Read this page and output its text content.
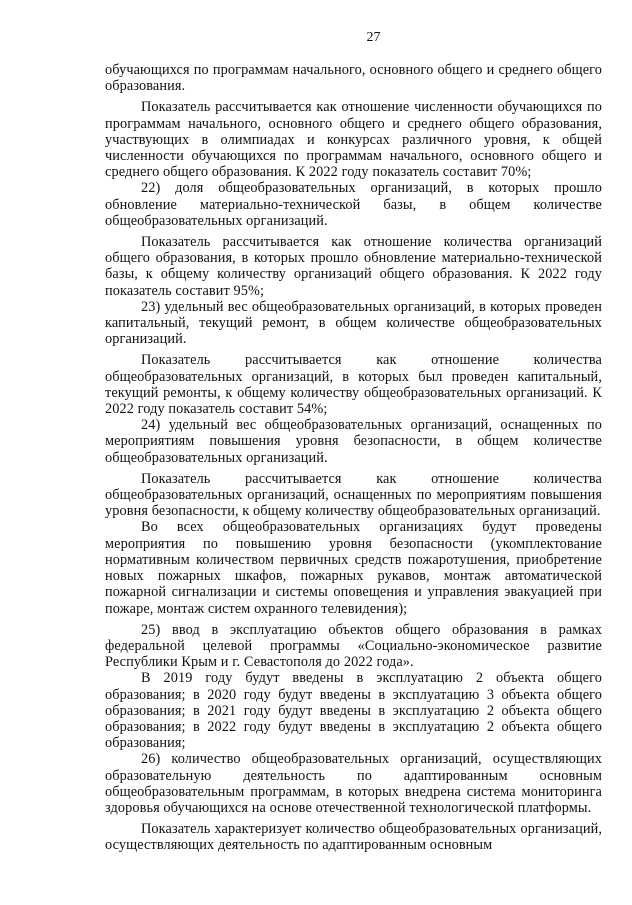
27

обучающихся по программам начального, основного общего и среднего общего образования.

Показатель рассчитывается как отношение численности обучающихся по программам начального, основного общего и среднего общего образования, участвующих в олимпиадах и конкурсах различного уровня, к общей численности обучающихся по программам начального, основного общего и среднего общего образования. К 2022 году показатель составит 70%;

22) доля общеобразовательных организаций, в которых прошло обновление материально-технической базы, в общем количестве общеобразовательных организаций.

Показатель рассчитывается как отношение количества организаций общего образования, в которых прошло обновление материально-технической базы, к общему количеству организаций общего образования. К 2022 году показатель составит 95%;

23) удельный вес общеобразовательных организаций, в которых проведен капитальный, текущий ремонт, в общем количестве общеобразовательных организаций.

Показатель рассчитывается как отношение количества общеобразовательных организаций, в которых был проведен капитальный, текущий ремонты, к общему количеству общеобразовательных организаций. К 2022 году показатель составит 54%;

24) удельный вес общеобразовательных организаций, оснащенных по мероприятиям повышения уровня безопасности, в общем количестве общеобразовательных организаций.

Показатель рассчитывается как отношение количества общеобразовательных организаций, оснащенных по мероприятиям повышения уровня безопасности, к общему количеству общеобразовательных организаций.

Во всех общеобразовательных организациях будут проведены мероприятия по повышению уровня безопасности (укомплектование нормативным количеством первичных средств пожаротушения, приобретение новых пожарных шкафов, пожарных рукавов, монтаж автоматической пожарной сигнализации и системы оповещения и управления эвакуацией при пожаре, монтаж систем охранного телевидения);

25) ввод в эксплуатацию объектов общего образования в рамках федеральной целевой программы «Социально-экономическое развитие Республики Крым и г. Севастополя до 2022 года».

В 2019 году будут введены в эксплуатацию 2 объекта общего образования; в 2020 году будут введены в эксплуатацию 3 объекта общего образования; в 2021 году будут введены в эксплуатацию 2 объекта общего образования; в 2022 году будут введены в эксплуатацию 2 объекта общего образования;

26) количество общеобразовательных организаций, осуществляющих образовательную деятельность по адаптированным основным общеобразовательным программам, в которых внедрена система мониторинга здоровья обучающихся на основе отечественной технологической платформы.

Показатель характеризует количество общеобразовательных организаций, осуществляющих деятельность по адаптированным основным
